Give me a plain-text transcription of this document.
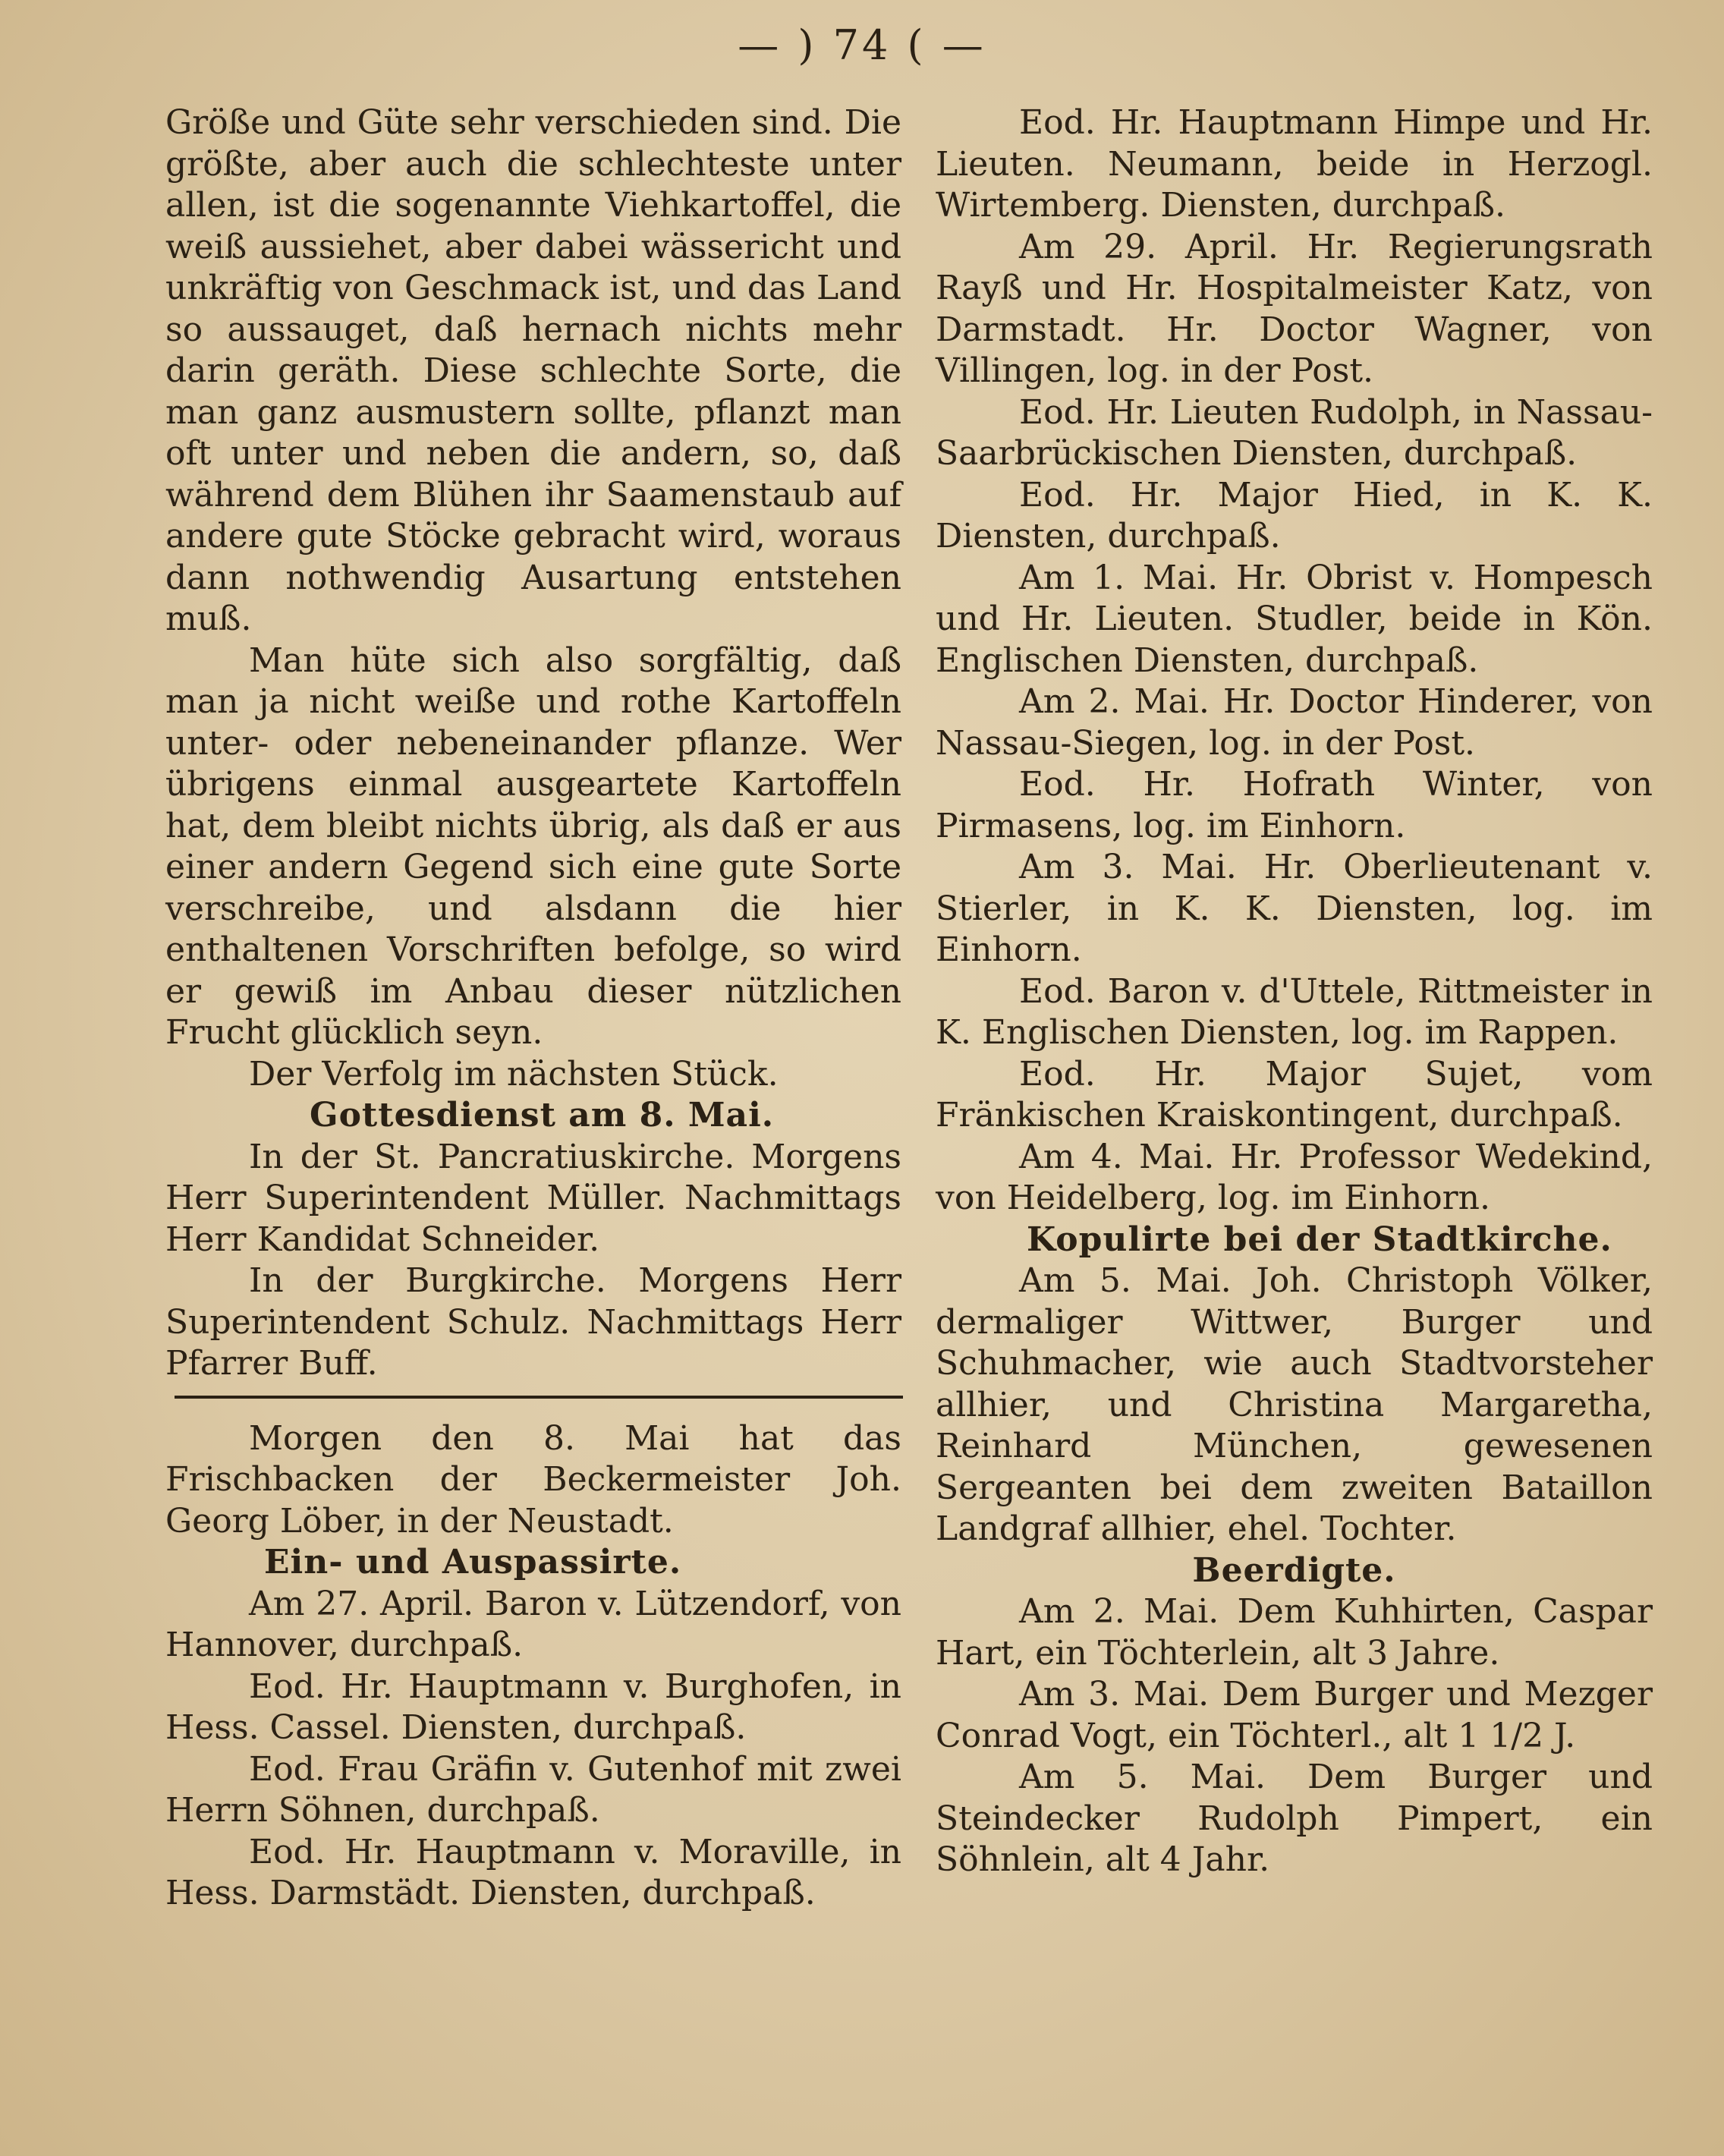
— ) 74 ( —

Größe und Güte sehr verschieden sind. Die größte, aber auch die schlechteste unter allen, ist die sogenannte Viehkartoffel, die weiß aussiehet, aber dabei wässericht und unkräftig von Geschmack ist, und das Land so aussauget, daß hernach nichts mehr darin geräth. Diese schlechte Sorte, die man ganz ausmustern sollte, pflanzt man oft unter und neben die andern, so, daß während dem Blühen ihr Saamenstaub auf andere gute Stöcke gebracht wird, woraus dann nothwendig Ausartung entstehen muß.

Man hüte sich also sorgfältig, daß man ja nicht weiße und rothe Kartoffeln unter- oder nebeneinander pflanze. Wer übrigens einmal ausgeartete Kartoffeln hat, dem bleibt nichts übrig, als daß er aus einer andern Gegend sich eine gute Sorte verschreibe, und alsdann die hier enthaltenen Vorschriften befolge, so wird er gewiß im Anbau dieser nützlichen Frucht glücklich seyn.

Der Verfolg im nächsten Stück.

Gottesdienst am 8. Mai.

In der St. Pancratiuskirche. Morgens Herr Superintendent Müller. Nachmittags Herr Kandidat Schneider.

In der Burgkirche. Morgens Herr Superintendent Schulz. Nachmittags Herr Pfarrer Buff.

Morgen den 8. Mai hat das Frischbacken der Beckermeister Joh. Georg Löber, in der Neustadt.

Ein- und Auspassirte.

Am 27. April. Baron v. Lützendorf, von Hannover, durchpaß.

Eod. Hr. Hauptmann v. Burghofen, in Hess. Cassel. Diensten, durchpaß.

Eod. Frau Gräfin v. Gutenhof mit zwei Herrn Söhnen, durchpaß.

Eod. Hr. Hauptmann v. Moraville, in Hess. Darmstädt. Diensten, durchpaß.

Eod. Hr. Hauptmann Himpe und Hr. Lieuten. Neumann, beide in Herzogl. Wirtemberg. Diensten, durchpaß.

Am 29. April. Hr. Regierungsrath Rayß und Hr. Hospitalmeister Katz, von Darmstadt. Hr. Doctor Wagner, von Villingen, log. in der Post.

Eod. Hr. Lieuten Rudolph, in Nassau-Saarbrückischen Diensten, durchpaß.

Eod. Hr. Major Hied, in K. K. Diensten, durchpaß.

Am 1. Mai. Hr. Obrist v. Hompesch und Hr. Lieuten. Studler, beide in Kön. Englischen Diensten, durchpaß.

Am 2. Mai. Hr. Doctor Hinderer, von Nassau-Siegen, log. in der Post.

Eod. Hr. Hofrath Winter, von Pirmasens, log. im Einhorn.

Am 3. Mai. Hr. Oberlieutenant v. Stierler, in K. K. Diensten, log. im Einhorn.

Eod. Baron v. d'Uttele, Rittmeister in K. Englischen Diensten, log. im Rappen.

Eod. Hr. Major Sujet, vom Fränkischen Kraiskontingent, durchpaß.

Am 4. Mai. Hr. Professor Wedekind, von Heidelberg, log. im Einhorn.

Kopulirte bei der Stadtkirche.

Am 5. Mai. Joh. Christoph Völker, dermaliger Wittwer, Burger und Schuhmacher, wie auch Stadtvorsteher allhier, und Christina Margaretha, Reinhard München, gewesenen Sergeanten bei dem zweiten Bataillon Landgraf allhier, ehel. Tochter.

Beerdigte.

Am 2. Mai. Dem Kuhhirten, Caspar Hart, ein Töchterlein, alt 3 Jahre.

Am 3. Mai. Dem Burger und Mezger Conrad Vogt, ein Töchterl., alt 1 1/2 J.

Am 5. Mai. Dem Burger und Steindecker Rudolph Pimpert, ein Söhnlein, alt 4 Jahr.
